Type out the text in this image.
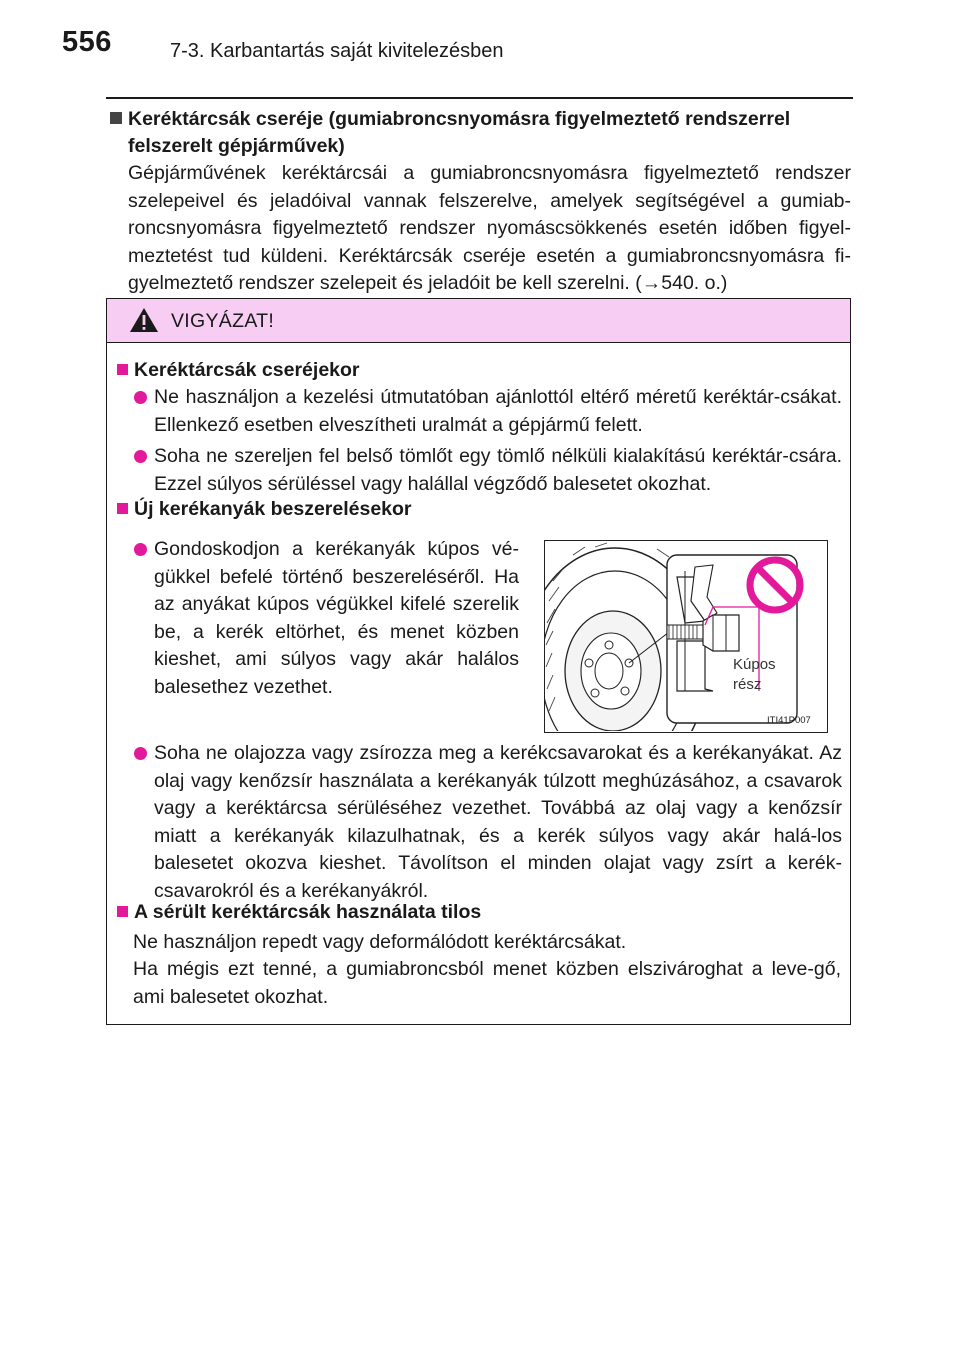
556	7-3. Karbantartás saját kivitelezésben
Keréktárcsák cseréje (gumiabroncsnyomásra figyelmeztető rendszerrel
felszerelt gépjárművek)
Gépjárművének keréktárcsái a gumiabroncsnyomásra figyelmeztető rendszer szelepeivel és jeladóival vannak felszerelve, amelyek segítségével a gumiab-roncsnyomásra figyelmeztető rendszer nyomáscsökkenés esetén időben figyel-meztetést tud küldeni. Keréktárcsák cseréje esetén a gumiabroncsnyomásra fi-gyelmeztető rendszer szelepeit és jeladóit be kell szerelni. (→540. o.)
VIGYÁZAT!
Keréktárcsák cseréjekor
Ne használjon a kezelési útmutatóban ajánlottól eltérő méretű keréktár-csákat. Ellenkező esetben elveszítheti uralmát a gépjármű felett.
Soha ne szereljen fel belső tömlőt egy tömlő nélküli kialakítású keréktár-csára. Ezzel súlyos sérüléssel vagy halállal végződő balesetet okozhat.
Új kerékanyák beszerelésekor
Gondoskodjon a kerékanyák kúpos vé-gükkel befelé történő beszereléséről. Ha az anyákat kúpos végükkel kifelé szerelik be, a kerék eltörhet, és menet közben kieshet, ami súlyos vagy akár halálos balesethez vezethet.
Kúpos
rész
ITI41P007
Soha ne olajozza vagy zsírozza meg a kerékcsavarokat és a kerékanyákat. Az olaj vagy kenőzsír használata a kerékanyák túlzott meghúzásához, a csavarok vagy a keréktárcsa sérüléséhez vezethet. Továbbá az olaj vagy a kenőzsír miatt a kerékanyák kilazulhatnak, és a kerék súlyos vagy akár halá-los balesetet okozva kieshet. Távolítson el minden olajat vagy zsírt a kerék-csavarokról és a kerékanyákról.
A sérült keréktárcsák használata tilos
Ne használjon repedt vagy deformálódott keréktárcsákat.
Ha mégis ezt tenné, a gumiabroncsból menet közben elszivároghat a leve-gő, ami balesetet okozhat.
